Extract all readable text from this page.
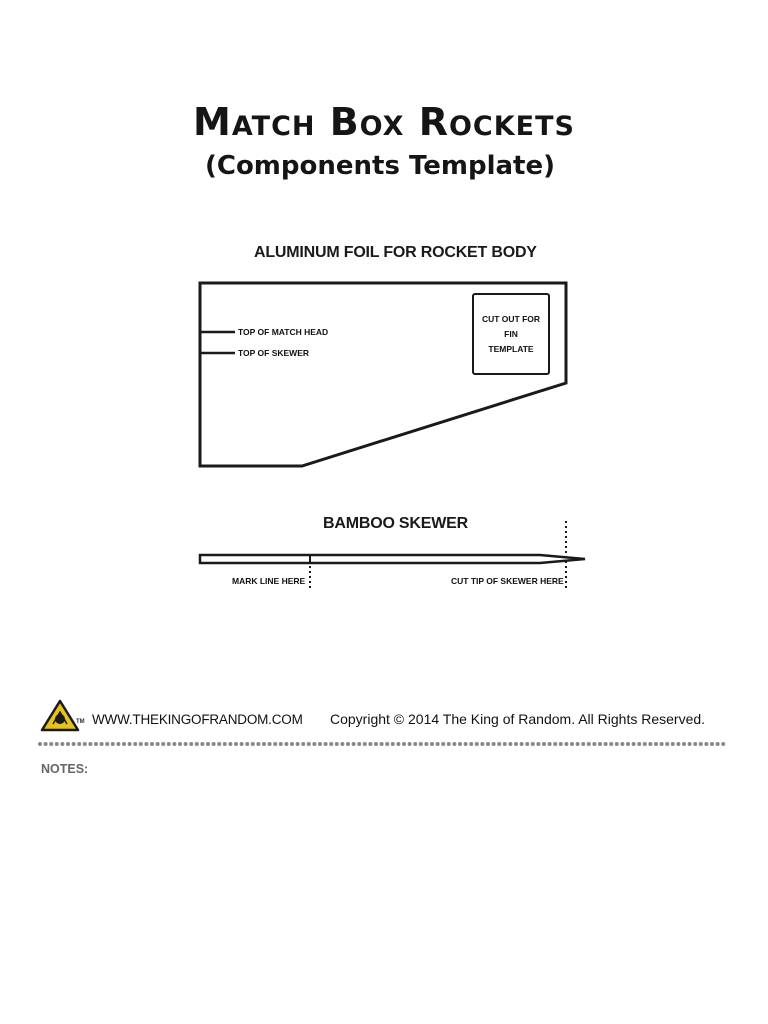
Match Box Rockets
(Components Template)
ALUMINUM FOIL FOR ROCKET BODY
TOP OF MATCH HEAD
TOP OF SKEWER
CUT OUT FOR
FIN
TEMPLATE
BAMBOO SKEWER
MARK LINE HERE	CUT TIP OF SKEWER HERE
TM WWW.THEKINGOFRANDOM.COM Copyright © 2014 The King of Random. All Rights Reserved.
NOTES:
